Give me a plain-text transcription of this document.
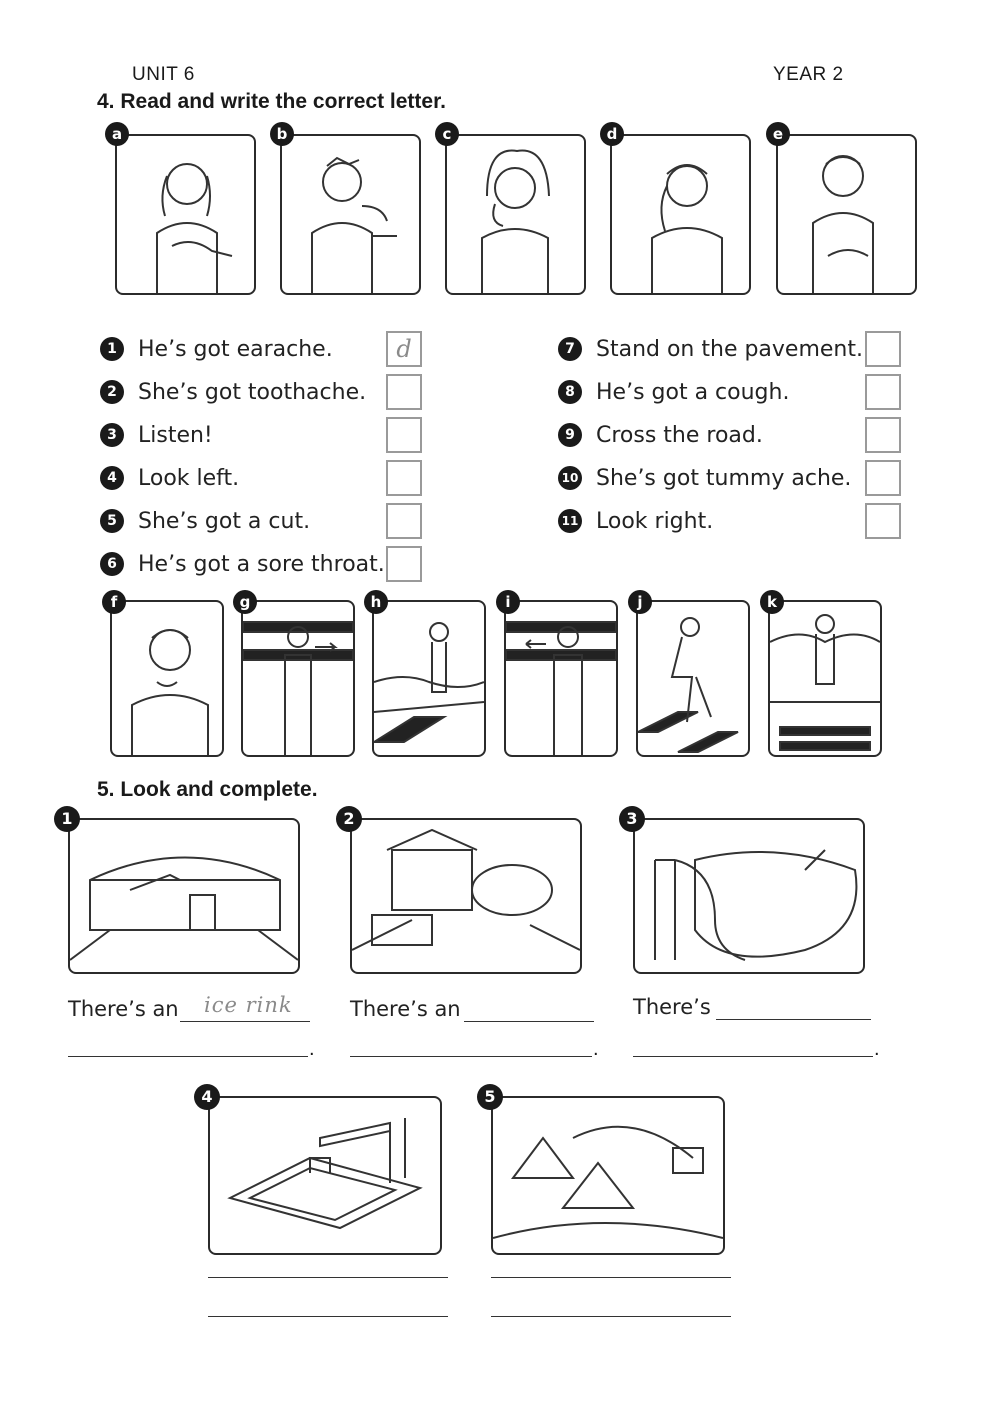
UNIT 6	YEAR 2
4. Read and write the correct letter.
a	b	c	d	e
1 He’s got earache.	d
2 She’s got toothache.
3 Listen!
4 Look left.
5 She’s got a cut.
6 He’s got a sore throat.
7 Stand on the pavement.
8 He’s got a cough.
9 Cross the road.
10 She’s got tummy ache.
11 Look right.
f	g	h	i	j	k
5. Look and complete.
1	2	3
There’s an ice rink
.
There’s an
.
There’s
.
4	5
